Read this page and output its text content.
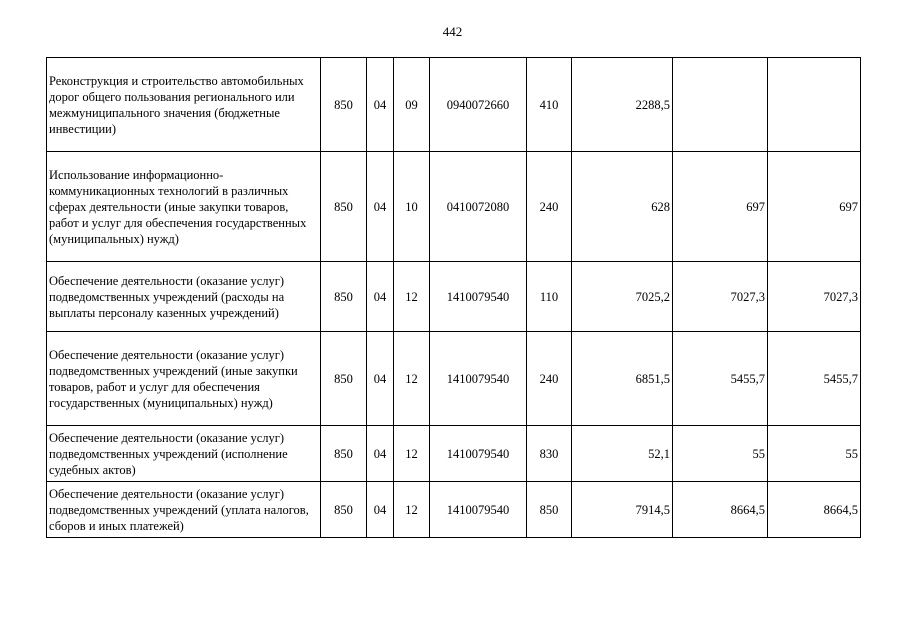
442
Реконструкция и строительство автомобильных дорог общего пользования регионального или межмуниципального значения (бюджетные инвестиции)	850	04	09	0940072660	410	2288,5		
Использование информационно-коммуникационных технологий в различных сферах деятельности (иные закупки товаров, работ и услуг для обеспечения государственных (муниципальных) нужд)	850	04	10	0410072080	240	628	697	697
Обеспечение деятельности (оказание услуг) подведомственных учреждений (расходы на выплаты персоналу казенных учреждений)	850	04	12	1410079540	110	7025,2	7027,3	7027,3
Обеспечение деятельности (оказание услуг) подведомственных учреждений (иные закупки товаров, работ и услуг для обеспечения государственных (муниципальных) нужд)	850	04	12	1410079540	240	6851,5	5455,7	5455,7
Обеспечение деятельности (оказание услуг) подведомственных учреждений (исполнение судебных актов)	850	04	12	1410079540	830	52,1	55	55
Обеспечение деятельности (оказание услуг) подведомственных учреждений (уплата налогов, сборов и иных платежей)	850	04	12	1410079540	850	7914,5	8664,5	8664,5
